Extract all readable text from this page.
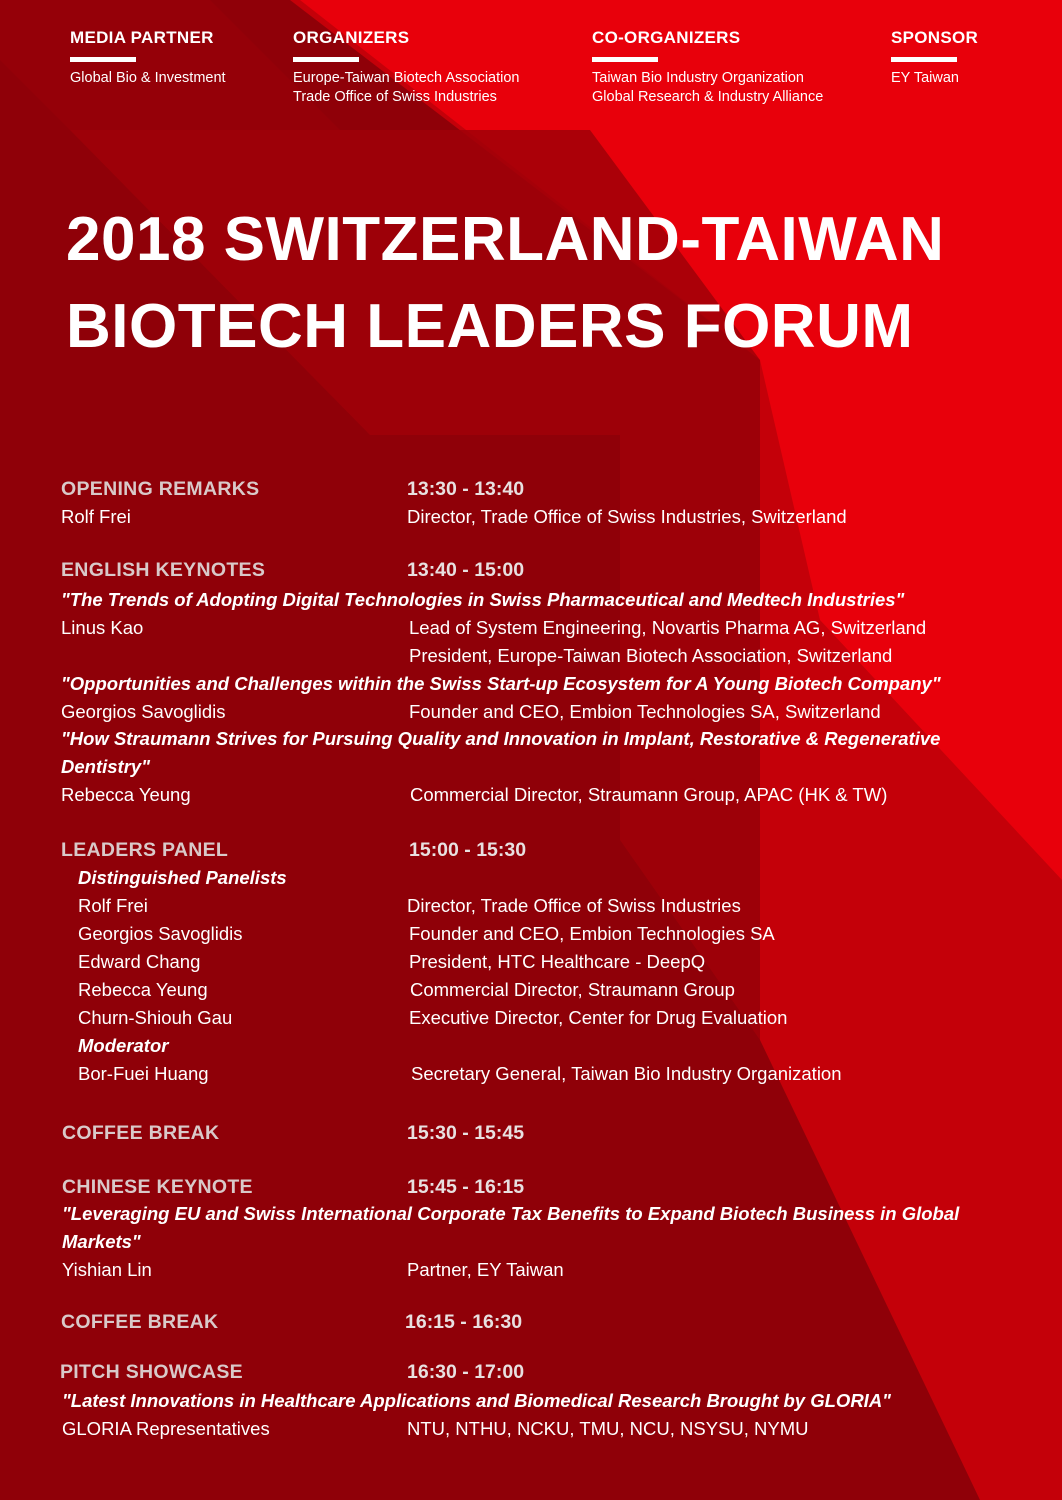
MEDIA PARTNER
Global Bio & Investment
ORGANIZERS
Europe-Taiwan Biotech Association
Trade Office of Swiss Industries
CO-ORGANIZERS
Taiwan Bio Industry Organization
Global Research & Industry Alliance
SPONSOR
EY Taiwan
2018 SWITZERLAND-TAIWAN
BIOTECH LEADERS FORUM
OPENING REMARKS	13:30 - 13:40
Rolf Frei	Director, Trade Office of Swiss Industries, Switzerland
ENGLISH KEYNOTES	13:40 - 15:00
"The Trends of Adopting Digital Technologies in Swiss Pharmaceutical and Medtech Industries"
Linus Kao	Lead of System Engineering, Novartis Pharma AG, Switzerland
President, Europe-Taiwan Biotech Association, Switzerland
"Opportunities and Challenges within the Swiss Start-up Ecosystem for A Young Biotech Company"
Georgios Savoglidis	Founder and CEO, Embion Technologies SA, Switzerland
"How Straumann Strives for Pursuing Quality and Innovation in Implant, Restorative & Regenerative
Dentistry"
Rebecca Yeung	Commercial Director, Straumann Group, APAC (HK & TW)
LEADERS PANEL	15:00 - 15:30
Distinguished Panelists
Rolf Frei	Director, Trade Office of Swiss Industries
Georgios Savoglidis	Founder and CEO, Embion Technologies SA
Edward Chang	President, HTC Healthcare - DeepQ
Rebecca Yeung	Commercial Director, Straumann Group
Churn-Shiouh Gau	Executive Director, Center for Drug Evaluation
Moderator
Bor-Fuei Huang	Secretary General, Taiwan Bio Industry Organization
COFFEE BREAK	15:30 - 15:45
CHINESE KEYNOTE	15:45 - 16:15
"Leveraging EU and Swiss International Corporate Tax Benefits to Expand Biotech Business in Global
Markets"
Yishian Lin	Partner, EY Taiwan
COFFEE BREAK	16:15 - 16:30
PITCH SHOWCASE	16:30 - 17:00
"Latest Innovations in Healthcare Applications and Biomedical Research Brought by GLORIA"
GLORIA Representatives	NTU, NTHU, NCKU, TMU, NCU, NSYSU, NYMU
